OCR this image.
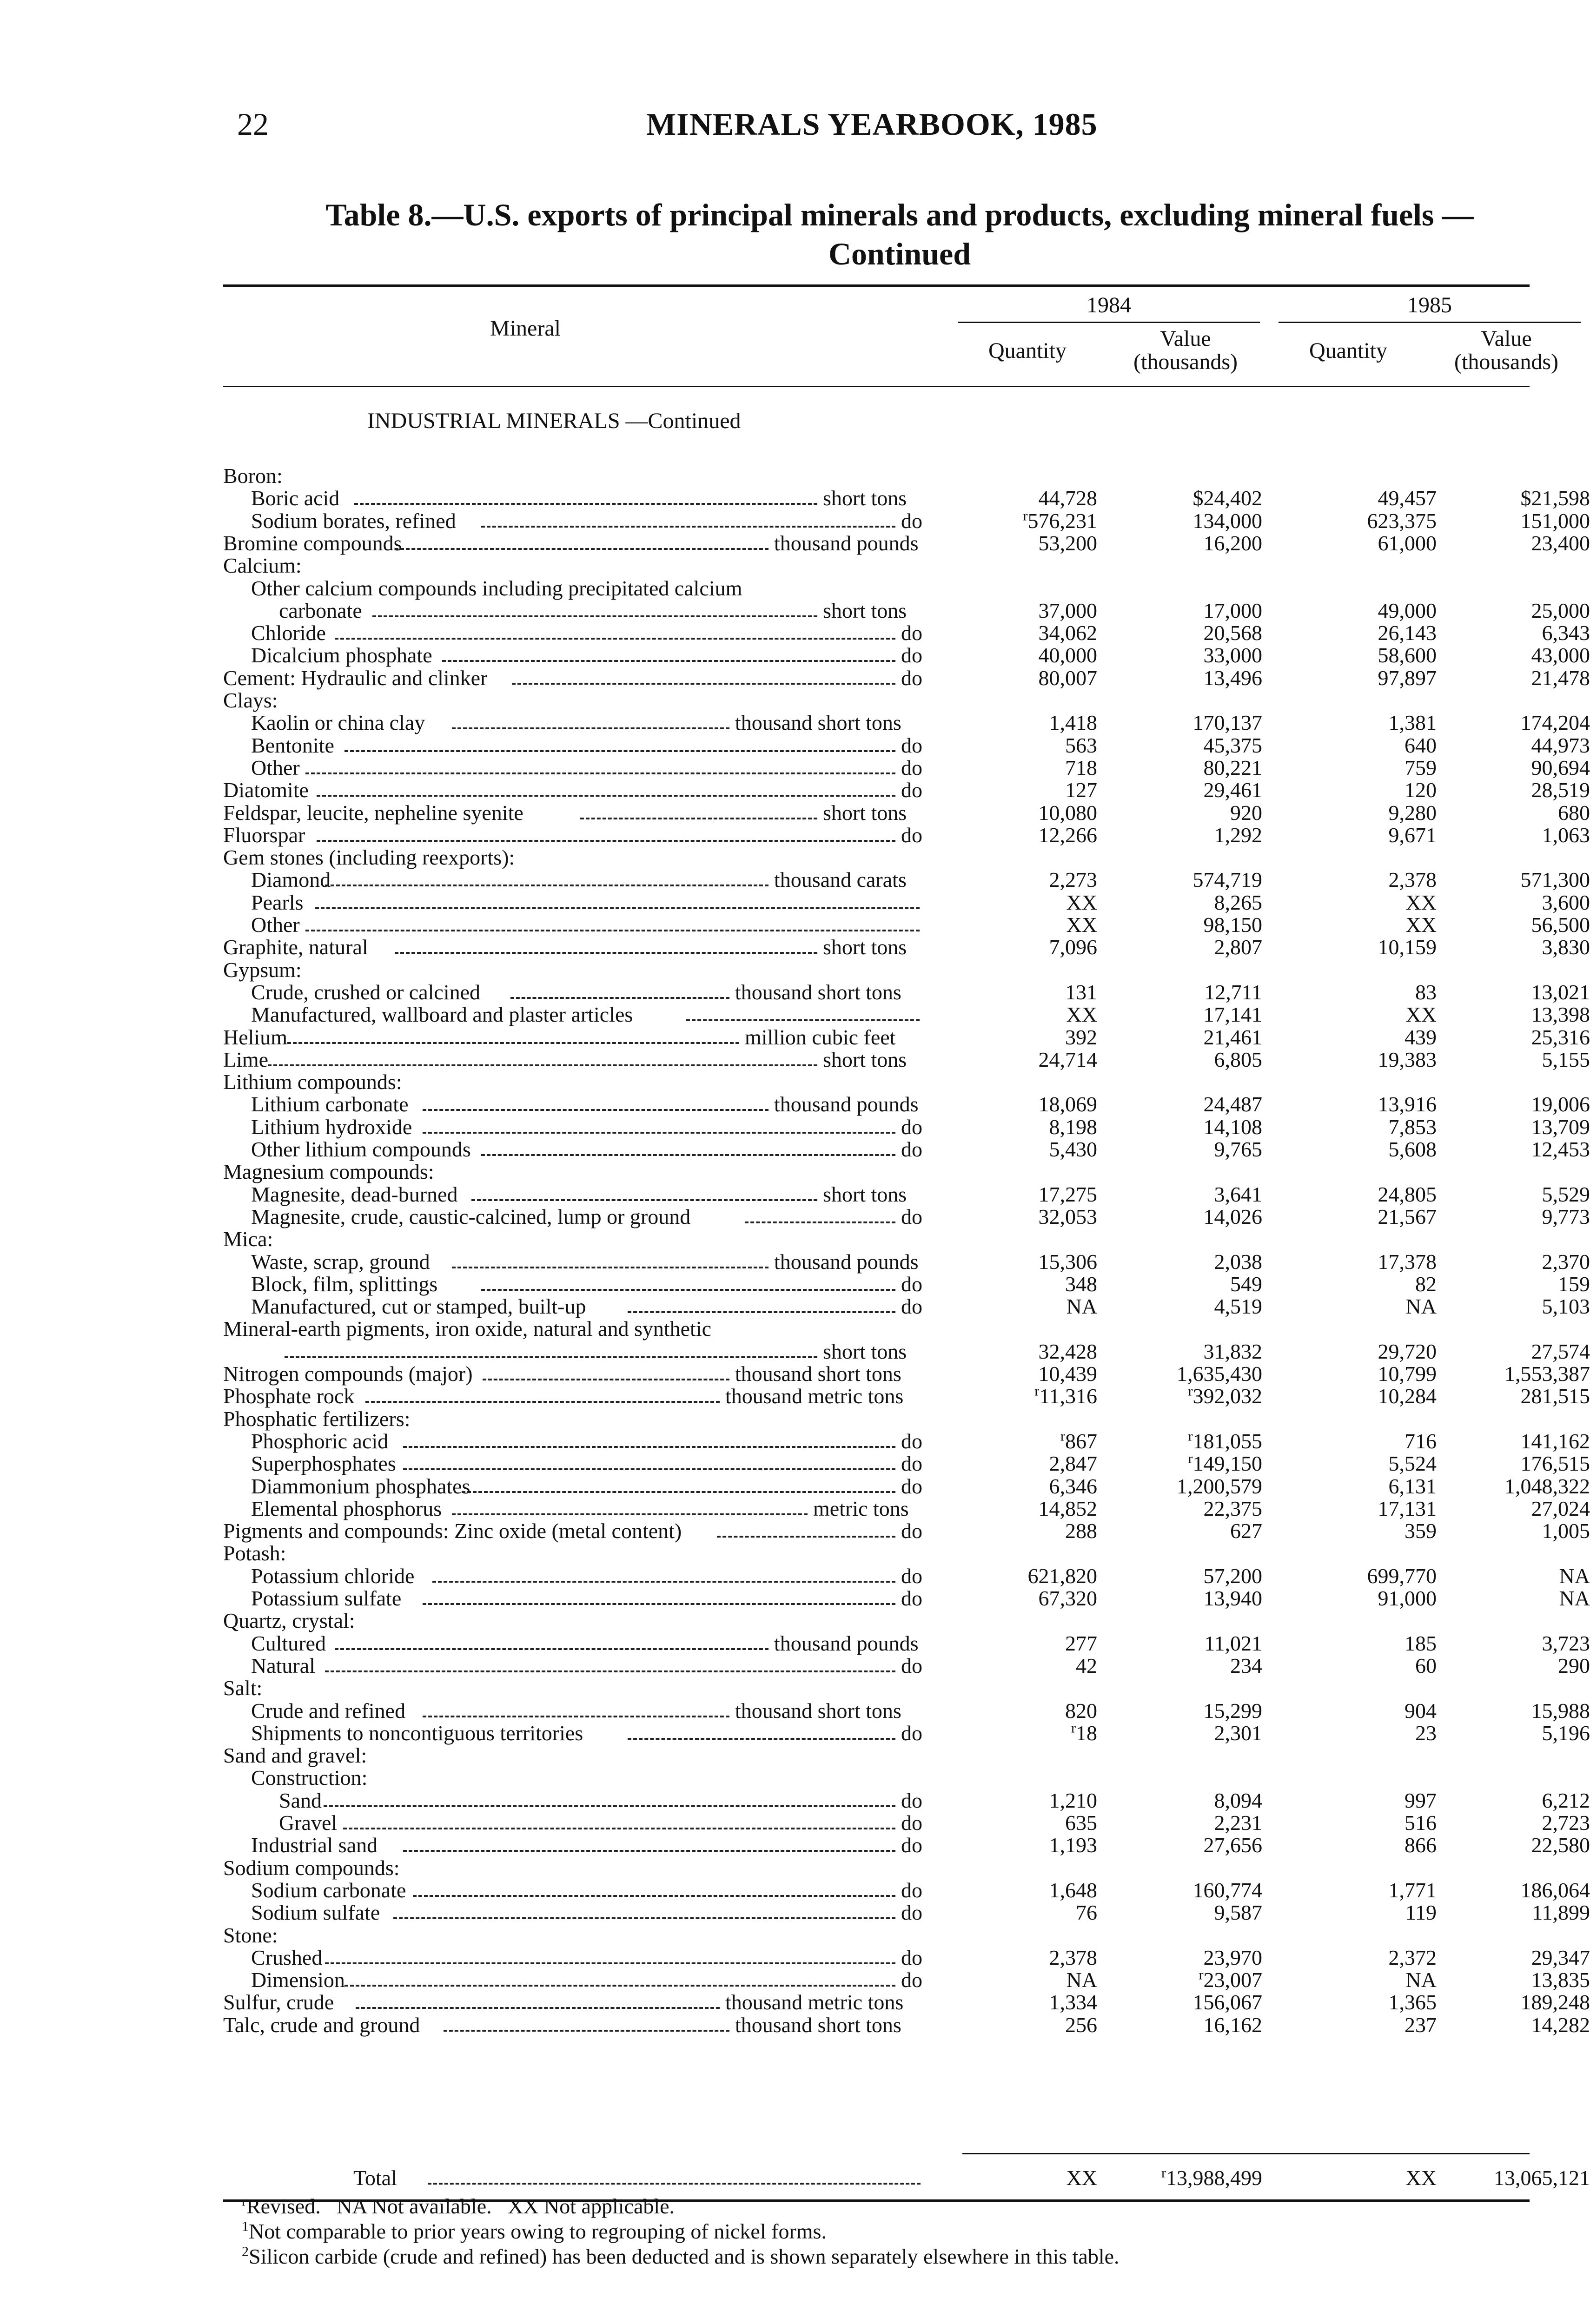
22	MINERALS YEARBOOK, 1985
Table 8.—U.S. exports of principal minerals and products, excluding mineral fuels —Continued
Mineral
1984	1985
Quantity	Value
(thousands)	Quantity	Value
(thousands)
INDUSTRIAL MINERALS —Continued
Boron:
Boric acid	short tons	44,728	$24,402	49,457	$21,598
Sodium borates, refined	do	$^r$576,231	134,000	623,375	151,000
Bromine compounds	thousand pounds	53,200	16,200	61,000	23,400
Calcium:
Other calcium compounds including precipitated calcium
carbonate	short tons	37,000	17,000	49,000	25,000
Chloride	do	34,062	20,568	26,143	6,343
Dicalcium phosphate	do	40,000	33,000	58,600	43,000
Cement: Hydraulic and clinker	do	80,007	13,496	97,897	21,478
Clays:
Kaolin or china clay	thousand short tons	1,418	170,137	1,381	174,204
Bentonite	do	563	45,375	640	44,973
Other	do	718	80,221	759	90,694
Diatomite	do	127	29,461	120	28,519
Feldspar, leucite, nepheline syenite	short tons	10,080	920	9,280	680
Fluorspar	do	12,266	1,292	9,671	1,063
Gem stones (including reexports):
Diamond	thousand carats	2,273	574,719	2,378	571,300
Pearls	XX	8,265	XX	3,600
Other	XX	98,150	XX	56,500
Graphite, natural	short tons	7,096	2,807	10,159	3,830
Gypsum:
Crude, crushed or calcined	thousand short tons	131	12,711	83	13,021
Manufactured, wallboard and plaster articles	XX	17,141	XX	13,398
Helium	million cubic feet	392	21,461	439	25,316
Lime	short tons	24,714	6,805	19,383	5,155
Lithium compounds:
Lithium carbonate	thousand pounds	18,069	24,487	13,916	19,006
Lithium hydroxide	do	8,198	14,108	7,853	13,709
Other lithium compounds	do	5,430	9,765	5,608	12,453
Magnesium compounds:
Magnesite, dead-burned	short tons	17,275	3,641	24,805	5,529
Magnesite, crude, caustic-calcined, lump or ground	do	32,053	14,026	21,567	9,773
Mica:
Waste, scrap, ground	thousand pounds	15,306	2,038	17,378	2,370
Block, film, splittings	do	348	549	82	159
Manufactured, cut or stamped, built-up	do	NA	4,519	NA	5,103
Mineral-earth pigments, iron oxide, natural and synthetic
short tons	32,428	31,832	29,720	27,574
Nitrogen compounds (major)	thousand short tons	10,439	1,635,430	10,799	1,553,387
Phosphate rock	thousand metric tons	$^r$11,316	$^r$392,032	10,284	281,515
Phosphatic fertilizers:
Phosphoric acid	do	$^r$867	$^r$181,055	716	141,162
Superphosphates	do	2,847	$^r$149,150	5,524	176,515
Diammonium phosphates	do	6,346	1,200,579	6,131	1,048,322
Elemental phosphorus	metric tons	14,852	22,375	17,131	27,024
Pigments and compounds: Zinc oxide (metal content)	do	288	627	359	1,005
Potash:
Potassium chloride	do	621,820	57,200	699,770	NA
Potassium sulfate	do	67,320	13,940	91,000	NA
Quartz, crystal:
Cultured	thousand pounds	277	11,021	185	3,723
Natural	do	42	234	60	290
Salt:
Crude and refined	thousand short tons	820	15,299	904	15,988
Shipments to noncontiguous territories	do	$^r$18	2,301	23	5,196
Sand and gravel:
Construction:
Sand	do	1,210	8,094	997	6,212
Gravel	do	635	2,231	516	2,723
Industrial sand	do	1,193	27,656	866	22,580
Sodium compounds:
Sodium carbonate	do	1,648	160,774	1,771	186,064
Sodium sulfate	do	76	9,587	119	11,899
Stone:
Crushed	do	2,378	23,970	2,372	29,347
Dimension	do	NA	$^r$23,007	NA	13,835
Sulfur, crude	thousand metric tons	1,334	156,067	1,365	189,248
Talc, crude and ground	thousand short tons	256	16,162	237	14,282
Total	XX	$^r$13,988,499	XX	13,065,121
$^r$Revised.   NA Not available.   XX Not applicable.
$^1$Not comparable to prior years owing to regrouping of nickel forms.
$^2$Silicon carbide (crude and refined) has been deducted and is shown separately elsewhere in this table.
